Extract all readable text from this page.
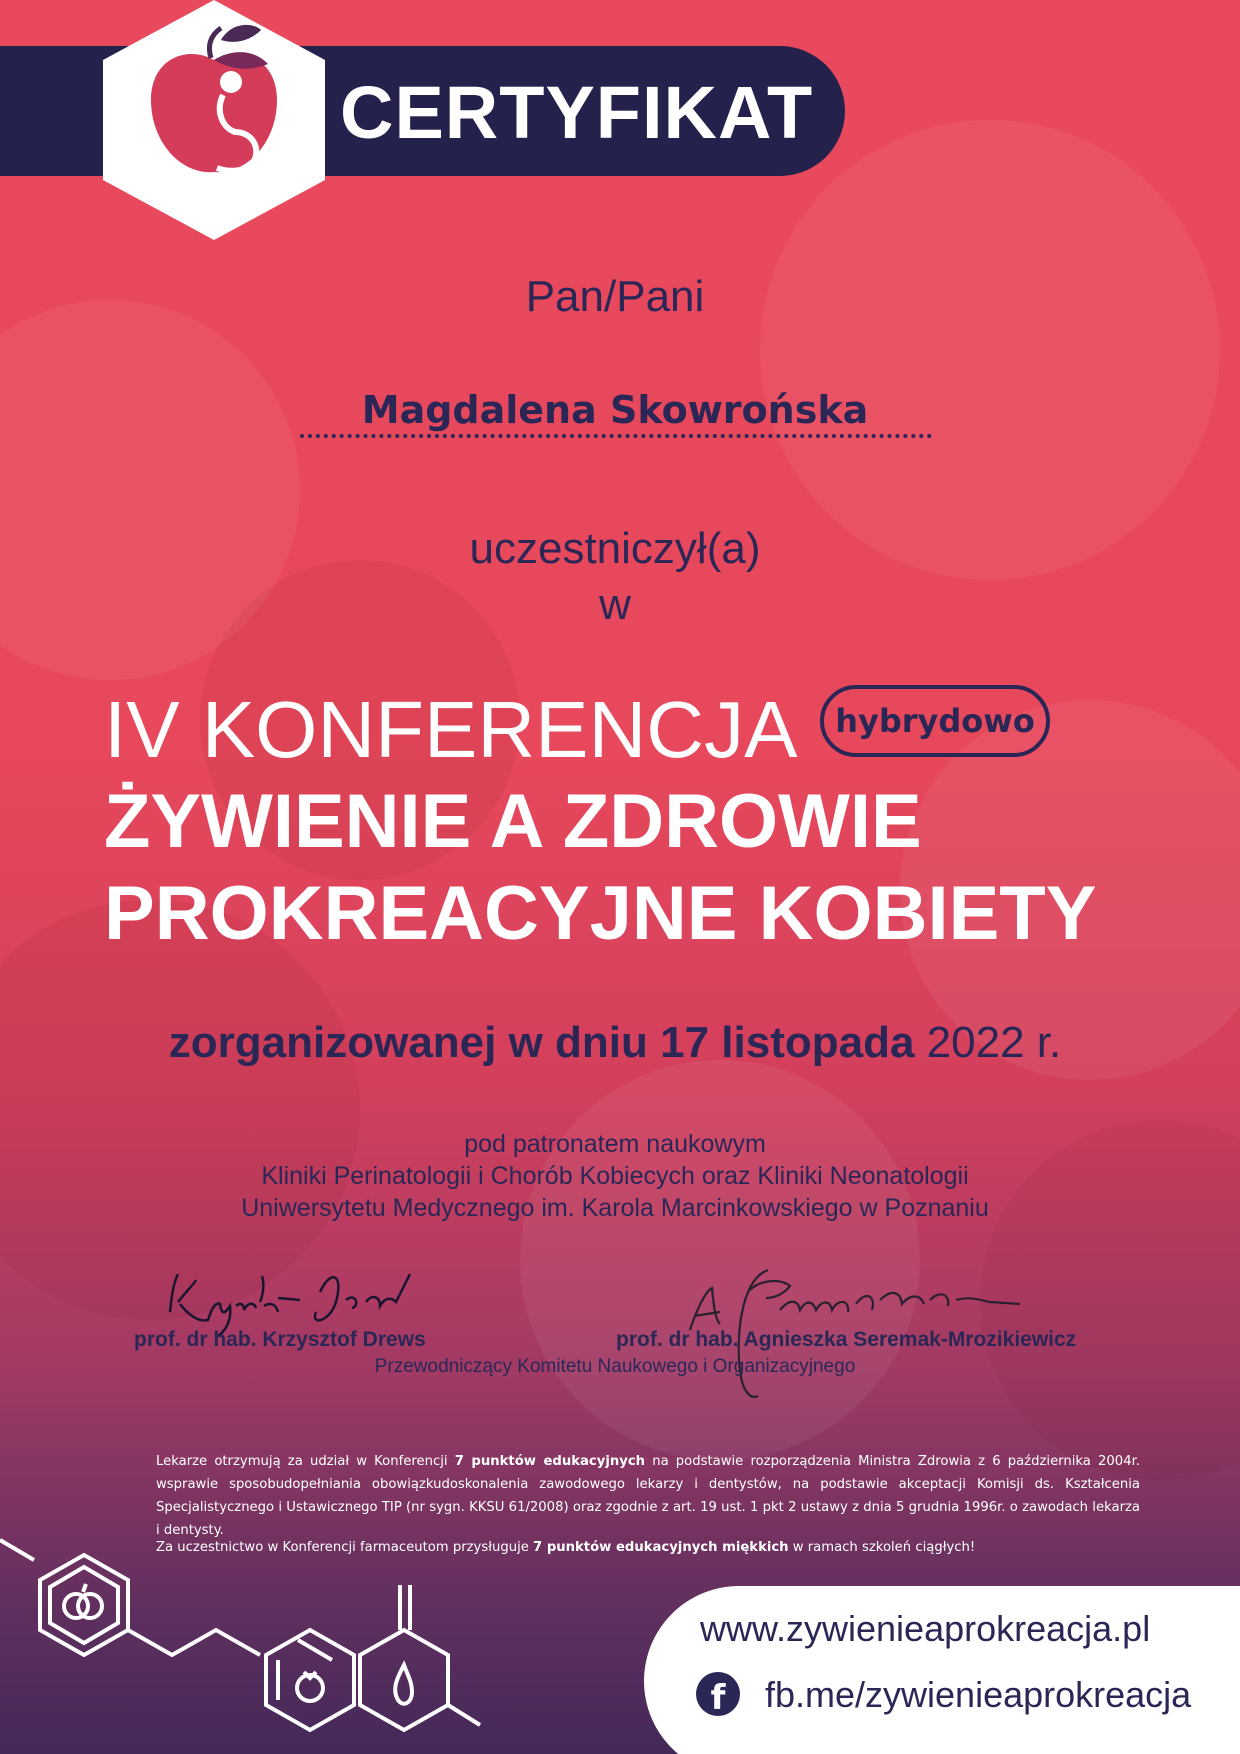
CERTYFIKAT
Pan/Pani
Magdalena Skowrońska
uczestniczył(a)
w
IV KONFERENCJA	hybrydowo
ŻYWIENIE A ZDROWIE
PROKREACYJNE KOBIETY
zorganizowanej w dniu 17 listopada 2022 r.
pod patronatem naukowym
Kliniki Perinatologii i Chorób Kobiecych oraz Kliniki Neonatologii
Uniwersytetu Medycznego im. Karola Marcinkowskiego w Poznaniu
prof. dr hab. Krzysztof Drews	prof. dr hab. Agnieszka Seremak-Mrozikiewicz
Przewodniczący Komitetu Naukowego i Organizacyjnego
Lekarze otrzymują za udział w Konferencji 7 punktów edukacyjnych na podstawie rozporządzenia Ministra Zdrowia z 6 października 2004r. wsprawie sposobudopełniania obowiązkudoskonalenia zawodowego lekarzy i dentystów, na podstawie akceptacji Komisji ds. Kształcenia Specjalistycznego i Ustawicznego TIP (nr sygn. KKSU 61/2008) oraz zgodnie z art. 19 ust. 1 pkt 2 ustawy z dnia 5 grudnia 1996r. o zawodach lekarza i dentysty.
Za uczestnictwo w Konferencji farmaceutom przysługuje 7 punktów edukacyjnych miękkich w ramach szkoleń ciągłych!
www.zywienieaprokreacja.pl
f	fb.me/zywienieaprokreacja
